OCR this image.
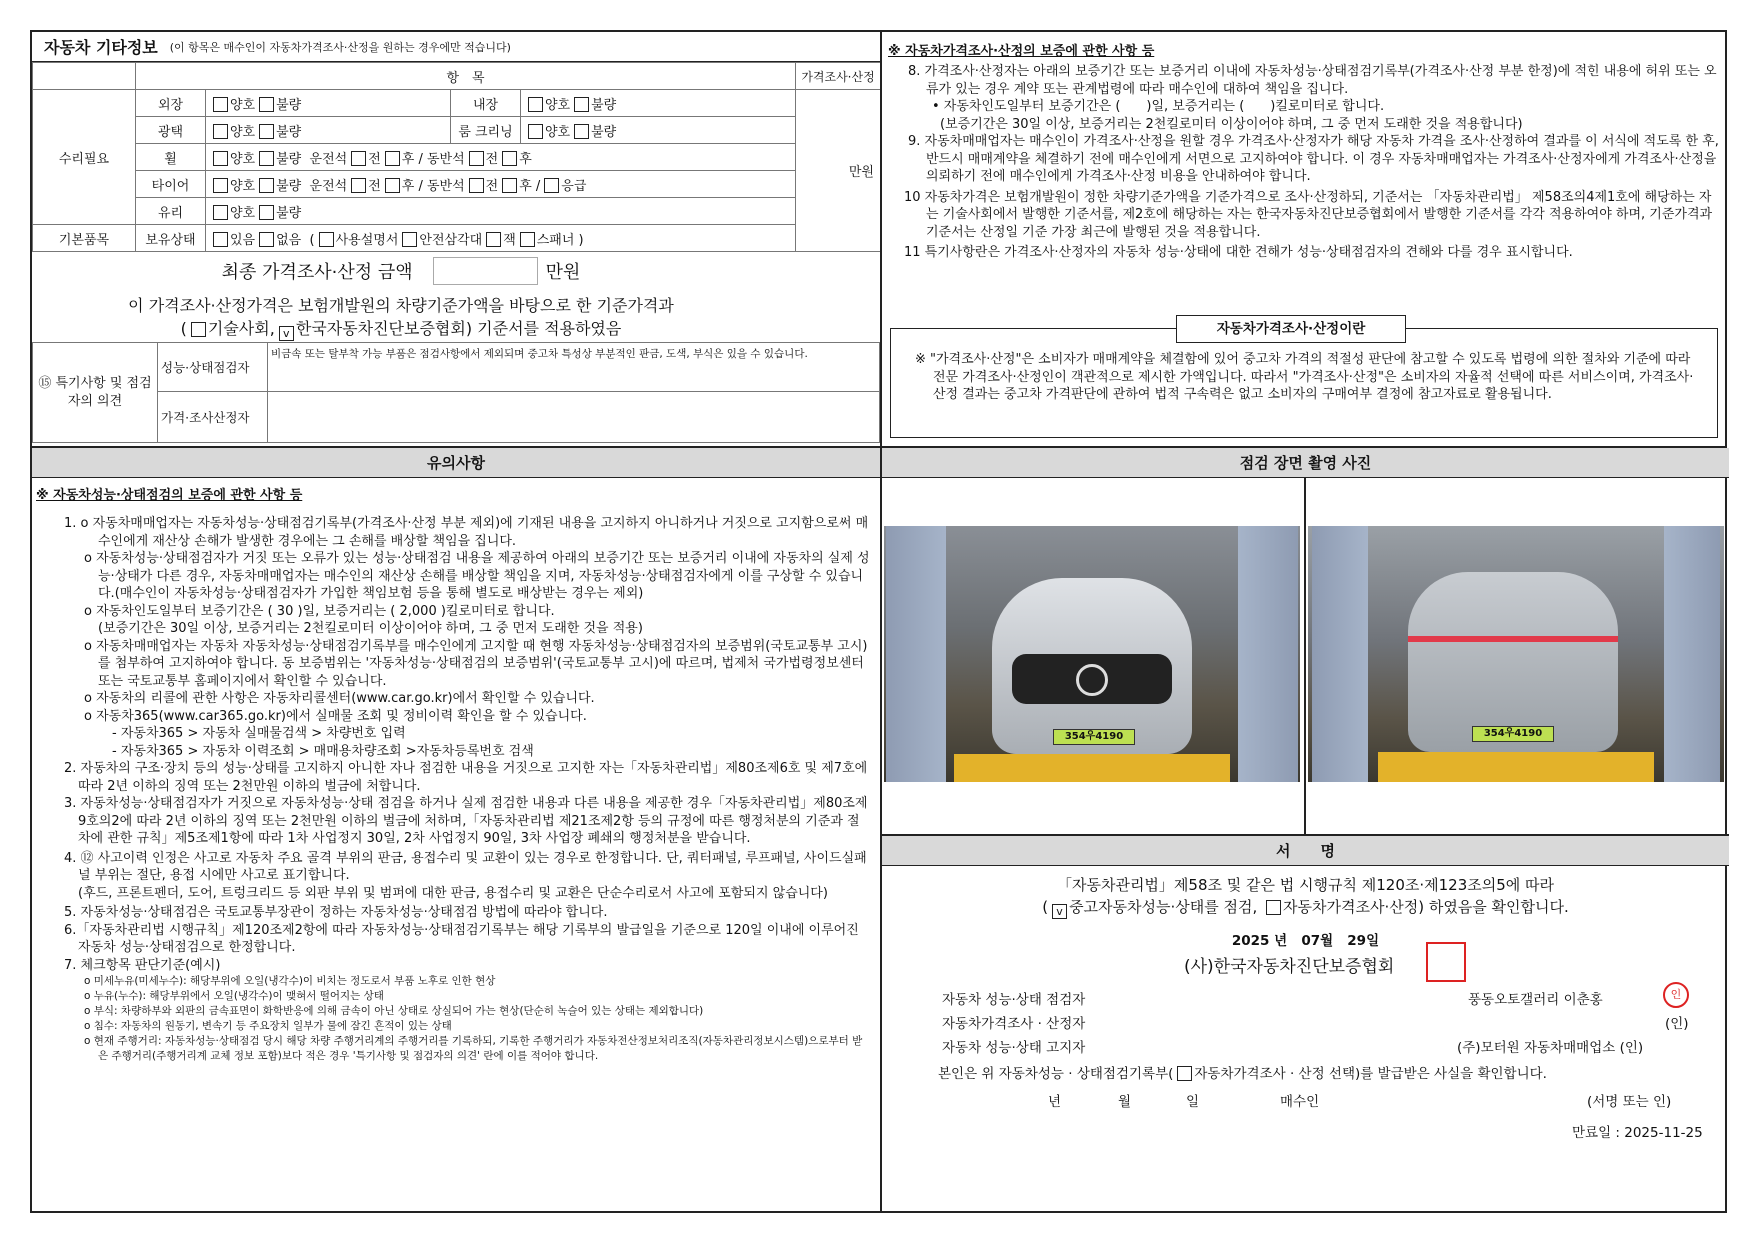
자동차 기타정보 (이 항목은 매수인이 자동차가격조사·산정을 원하는 경우에만 적습니다)
	항　목				가격조사·산정	
수리필요	외장	양호 불량	내장	양호 불량	만원	
	광택	양호 불량	룸 크리닝	양호 불량		
	휠	양호 불량 운전석 전 후 / 동반석 전 후				
	타이어	양호 불량 운전석 전 후 / 동반석 전 후 / 응급				
	유리	양호 불량				
기본품목	보유상태	있음 없음 ( 사용설명서 안전삼각대 잭 스패너 )				
최종 가격조사·산정 금액	만원
이 가격조사·산정가격은 보험개발원의 차량기준가액을 바탕으로 한 기준가격과
( 기술사회, v 한국자동차진단보증협회) 기준서를 적용하였음
⑮ 특기사항 및 점검자의 의견	성능·상태점검자	비금속 또는 탈부착 가능 부품은 점검사항에서 제외되며 중고차 특성상 부분적인 판금, 도색, 부식은 있을 수 있습니다.
	가격·조사산정자	
※ 자동차가격조사·산정의 보증에 관한 사항 등
8. 가격조사·산정자는 아래의 보증기간 또는 보증거리 이내에 자동차성능·상태점검기록부(가격조사·산정 부분 한정)에 적힌 내용에 허위 또는 오류가 있는 경우 계약 또는 관계법령에 따라 매수인에 대하여 책임을 집니다.
• 자동차인도일부터 보증기간은 (　　)일, 보증거리는 (　　)킬로미터로 합니다.
(보증기간은 30일 이상, 보증거리는 2천킬로미터 이상이어야 하며, 그 중 먼저 도래한 것을 적용합니다)
9. 자동차매매업자는 매수인이 가격조사·산정을 원할 경우 가격조사·산정자가 해당 자동차 가격을 조사·산정하여 결과를 이 서식에 적도록 한 후, 반드시 매매계약을 체결하기 전에 매수인에게 서면으로 고지하여야 합니다. 이 경우 자동차매매업자는 가격조사·산정자에게 가격조사·산정을 의뢰하기 전에 매수인에게 가격조사·산정 비용을 안내하여야 합니다.
10 자동차가격은 보험개발원이 정한 차량기준가액을 기준가격으로 조사·산정하되, 기준서는 「자동차관리법」 제58조의4제1호에 해당하는 자는 기술사회에서 발행한 기준서를, 제2호에 해당하는 자는 한국자동차진단보증협회에서 발행한 기준서를 각각 적용하여야 하며, 기준가격과 기준서는 산정일 기준 가장 최근에 발행된 것을 적용합니다.
11 특기사항란은 가격조사·산정자의 자동차 성능·상태에 대한 견해가 성능·상태점검자의 견해와 다를 경우 표시합니다.
자동차가격조사·산정이란
※ "가격조사·산정"은 소비자가 매매계약을 체결함에 있어 중고차 가격의 적절성 판단에 참고할 수 있도록 법령에 의한 절차와 기준에 따라 전문 가격조사·산정인이 객관적으로 제시한 가액입니다. 따라서 "가격조사·산정"은 소비자의 자율적 선택에 따른 서비스이며, 가격조사·산정 결과는 중고차 가격판단에 관하여 법적 구속력은 없고 소비자의 구매여부 결정에 참고자료로 활용됩니다.
유의사항
※ 자동차성능·상태점검의 보증에 관한 사항 등
1. o 자동차매매업자는 자동차성능·상태점검기록부(가격조사·산정 부분 제외)에 기재된 내용을 고지하지 아니하거나 거짓으로 고지함으로써 매수인에게 재산상 손해가 발생한 경우에는 그 손해를 배상할 책임을 집니다.
o 자동차성능·상태점검자가 거짓 또는 오류가 있는 성능·상태점검 내용을 제공하여 아래의 보증기간 또는 보증거리 이내에 자동차의 실제 성능·상태가 다른 경우, 자동차매매업자는 매수인의 재산상 손해를 배상할 책임을 지며, 자동차성능·상태점검자에게 이를 구상할 수 있습니다.(매수인이 자동차성능·상태점검자가 가입한 책임보험 등을 통해 별도로 배상받는 경우는 제외)
o 자동차인도일부터 보증기간은 ( 30 )일, 보증거리는 ( 2,000 )킬로미터로 합니다.
(보증기간은 30일 이상, 보증거리는 2천킬로미터 이상이어야 하며, 그 중 먼저 도래한 것을 적용)
o 자동차매매업자는 자동차 자동차성능·상태점검기록부를 매수인에게 고지할 때 현행 자동차성능·상태점검자의 보증범위(국토교통부 고시)를 첨부하여 고지하여야 합니다. 동 보증범위는 '자동차성능·상태점검의 보증범위'(국토교통부 고시)에 따르며, 법제처 국가법령정보센터 또는 국토교통부 홈페이지에서 확인할 수 있습니다.
o 자동차의 리콜에 관한 사항은 자동차리콜센터(www.car.go.kr)에서 확인할 수 있습니다.
o 자동차365(www.car365.go.kr)에서 실매물 조회 및 정비이력 확인을 할 수 있습니다.
- 자동차365 > 자동차 실매물검색 > 차량번호 입력
- 자동차365 > 자동차 이력조회 > 매매용차량조회 >자동차등록번호 검색
2. 자동차의 구조·장치 등의 성능·상태를 고지하지 아니한 자나 점검한 내용을 거짓으로 고지한 자는「자동차관리법」제80조제6호 및 제7호에 따라 2년 이하의 징역 또는 2천만원 이하의 벌금에 처합니다.
3. 자동차성능·상태점검자가 거짓으로 자동차성능·상태 점검을 하거나 실제 점검한 내용과 다른 내용을 제공한 경우「자동차관리법」제80조제9호의2에 따라 2년 이하의 징역 또는 2천만원 이하의 벌금에 처하며,「자동차관리법 제21조제2항 등의 규정에 따른 행정처분의 기준과 절차에 관한 규칙」제5조제1항에 따라 1차 사업정지 30일, 2차 사업정지 90일, 3차 사업장 폐쇄의 행정처분을 받습니다.
4. ⑫ 사고이력 인정은 사고로 자동차 주요 골격 부위의 판금, 용접수리 및 교환이 있는 경우로 한정합니다. 단, 쿼터패널, 루프패널, 사이드실패널 부위는 절단, 용접 시에만 사고로 표기합니다.
(후드, 프론트펜더, 도어, 트렁크리드 등 외판 부위 및 범퍼에 대한 판금, 용접수리 및 교환은 단순수리로서 사고에 포함되지 않습니다)
5. 자동차성능·상태점검은 국토교통부장관이 정하는 자동차성능·상태점검 방법에 따라야 합니다.
6.「자동차관리법 시행규칙」제120조제2항에 따라 자동차성능·상태점검기록부는 해당 기록부의 발급일을 기준으로 120일 이내에 이루어진 자동차 성능·상태점검으로 한정합니다.
7. 체크항목 판단기준(예시)
o 미세누유(미세누수): 해당부위에 오일(냉각수)이 비치는 정도로서 부품 노후로 인한 현상
o 누유(누수): 해당부위에서 오일(냉각수)이 맺혀서 떨어지는 상태
o 부식: 차량하부와 외판의 금속표면이 화학반응에 의해 금속이 아닌 상태로 상실되어 가는 현상(단순히 녹슬어 있는 상태는 제외합니다)
o 침수: 자동차의 원동기, 변속기 등 주요장치 일부가 물에 잠긴 흔적이 있는 상태
o 현재 주행거리: 자동차성능·상태점검 당시 해당 차량 주행거리계의 주행거리를 기록하되, 기록한 주행거리가 자동차전산정보처리조직(자동차관리정보시스템)으로부터 받은 주행거리(주행거리계 교체 정보 포함)보다 적은 경우 '특기사항 및 점검자의 의견' 란에 이를 적어야 합니다.
점검 장면 촬영 사진
354우4190	354우4190
서　　명
「자동차관리법」제58조 및 같은 법 시행규칙 제120조·제123조의5에 따라
( v 중고자동차성능·상태를 점검, 자동차가격조사·산정) 하였음을 확인합니다.
2025 년 07월 29일
(사)한국자동차진단보증협회
자동차 성능·상태 점검자	풍동오토갤러리 이춘홍	인
자동차가격조사 · 산정자	(인)
자동차 성능·상태 고지자	(주)모터원 자동차매매업소 (인)
본인은 위 자동차성능 · 상태점검기록부( 자동차가격조사 · 산정 선택)를 발급받은 사실을 확인합니다.
년	월	일	매수인	(서명 또는 인)
만료일 : 2025-11-25
